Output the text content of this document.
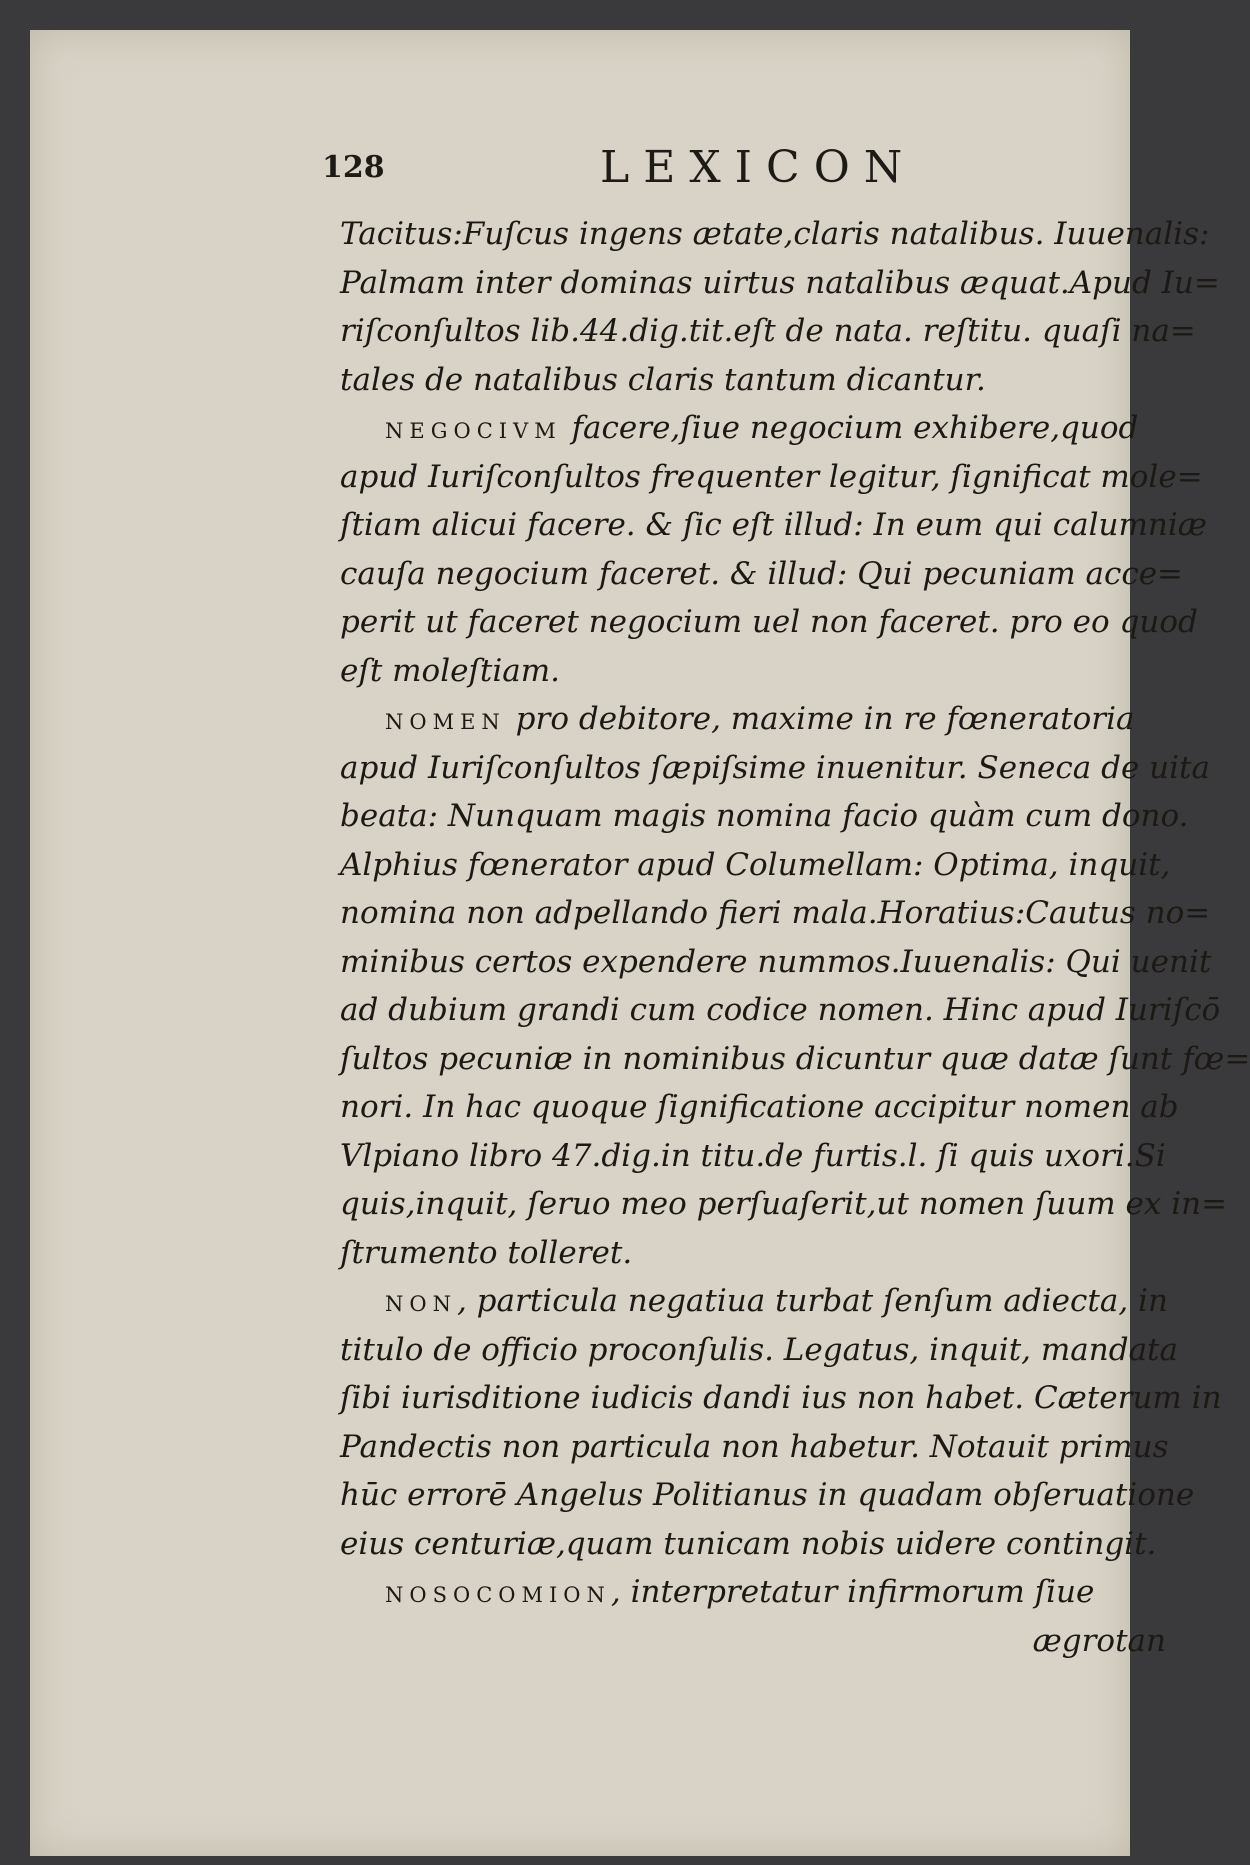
128	LEXICON
Tacitus:Fuſcus ingens ætate,claris natalibus. Iuuenalis:
Palmam inter dominas uirtus natalibus æquat.Apud Iu=
riſconſultos lib.44.dig.tit.eſt de nata. reſtitu. quaſi na=
tales de natalibus claris tantum dicantur.
NEGOCIVM facere,ſiue negocium exhibere,quod
apud Iuriſconſultos frequenter legitur, ſignificat mole=
ſtiam alicui facere. & ſic eſt illud: In eum qui calumniæ
cauſa negocium faceret. & illud: Qui pecuniam acce=
perit ut faceret negocium uel non faceret. pro eo quod
eſt moleſtiam.
NOMEN pro debitore, maxime in re fœneratoria
apud Iuriſconſultos ſæpiſsime inuenitur. Seneca de uita
beata: Nunquam magis nomina facio quàm cum dono.
Alphius fœnerator apud Columellam: Optima, inquit,
nomina non adpellando fieri mala.Horatius:Cautus no=
minibus certos expendere nummos.Iuuenalis: Qui uenit
ad dubium grandi cum codice nomen. Hinc apud Iuriſcō
ſultos pecuniæ in nominibus dicuntur quæ datæ ſunt fœ=
nori. In hac quoque ſignificatione accipitur nomen ab
Vlpiano libro 47.dig.in titu.de furtis.l. ſi quis uxori.Si
quis,inquit, ſeruo meo perſuaſerit,ut nomen ſuum ex in=
ſtrumento tolleret.
NON, particula negatiua turbat ſenſum adiecta, in
titulo de officio proconſulis. Legatus, inquit, mandata
ſibi iurisditione iudicis dandi ius non habet. Cæterum in
Pandectis non particula non habetur. Notauit primus
hūc errorē Angelus Politianus in quadam obſeruatione
eius centuriæ,quam tunicam nobis uidere contingit.
NOSOCOMION, interpretatur infirmorum ſiue
ægrotan
